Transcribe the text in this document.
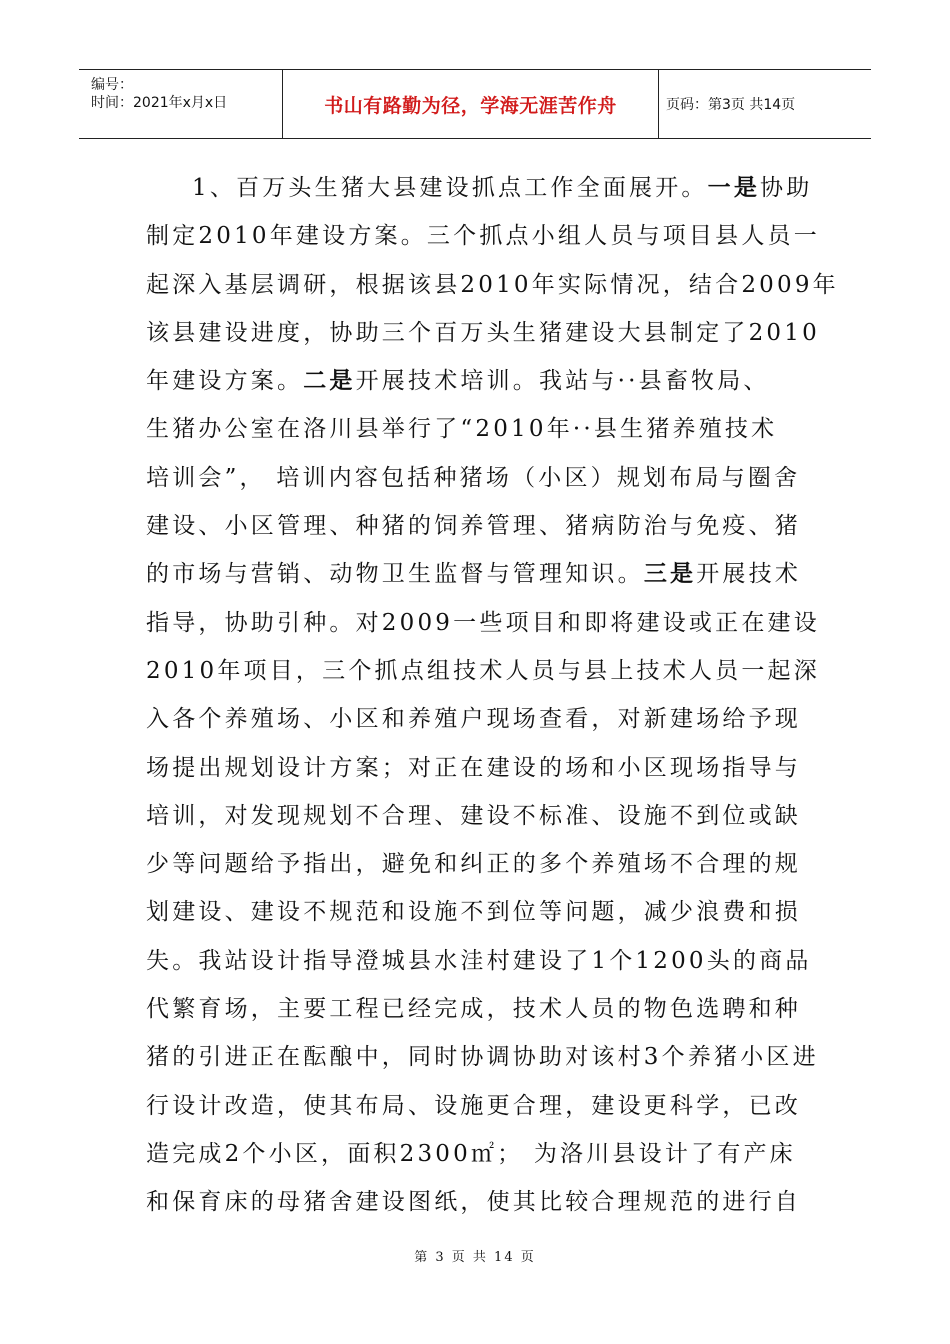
编号：
时间：2021年x月x日	书山有路勤为径，学海无涯苦作舟	页码：第3页 共14页
1、百万头生猪大县建设抓点工作全面展开。一是协助
制定2010年建设方案。三个抓点小组人员与项目县人员一
起深入基层调研，根据该县2010年实际情况，结合2009年
该县建设进度，协助三个百万头生猪建设大县制定了2010
年建设方案。二是开展技术培训。我站与··县畜牧局、
生猪办公室在洛川县举行了“2010年··县生猪养殖技术
培训会”， 培训内容包括种猪场（小区）规划布局与圈舍
建设、小区管理、种猪的饲养管理、猪病防治与免疫、猪
的市场与营销、动物卫生监督与管理知识。三是开展技术
指导，协助引种。对2009一些项目和即将建设或正在建设
2010年项目，三个抓点组技术人员与县上技术人员一起深
入各个养殖场、小区和养殖户现场查看，对新建场给予现
场提出规划设计方案；对正在建设的场和小区现场指导与
培训，对发现规划不合理、建设不标准、设施不到位或缺
少等问题给予指出，避免和纠正的多个养殖场不合理的规
划建设、建设不规范和设施不到位等问题，减少浪费和损
失。我站设计指导澄城县水洼村建设了1个1200头的商品
代繁育场，主要工程已经完成，技术人员的物色选聘和种
猪的引进正在酝酿中，同时协调协助对该村3个养猪小区进
行设计改造，使其布局、设施更合理，建设更科学，已改
造完成2个小区，面积2300㎡； 为洛川县设计了有产床
和保育床的母猪舍建设图纸，使其比较合理规范的进行自
第 3 页 共 14 页
